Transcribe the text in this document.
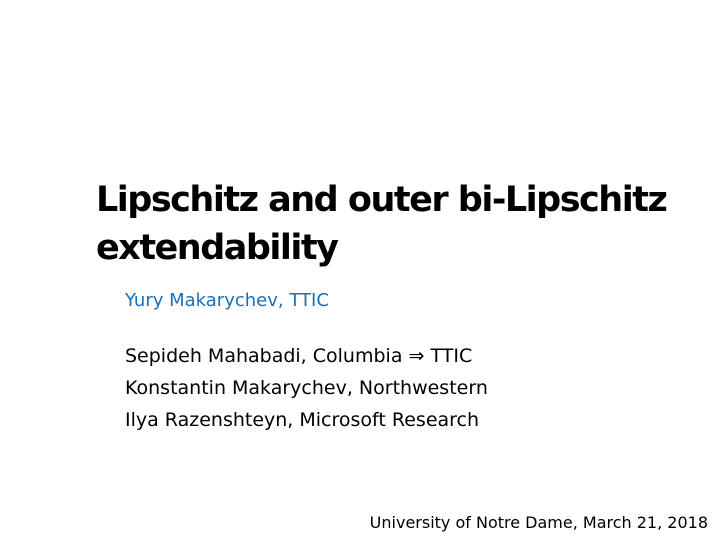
Lipschitz and outer bi-Lipschitz extendability
Yury Makarychev, TTIC
Sepideh Mahabadi, Columbia ⇒ TTIC
Konstantin Makarychev, Northwestern
Ilya Razenshteyn, Microsoft Research
University of Notre Dame, March 21, 2018
